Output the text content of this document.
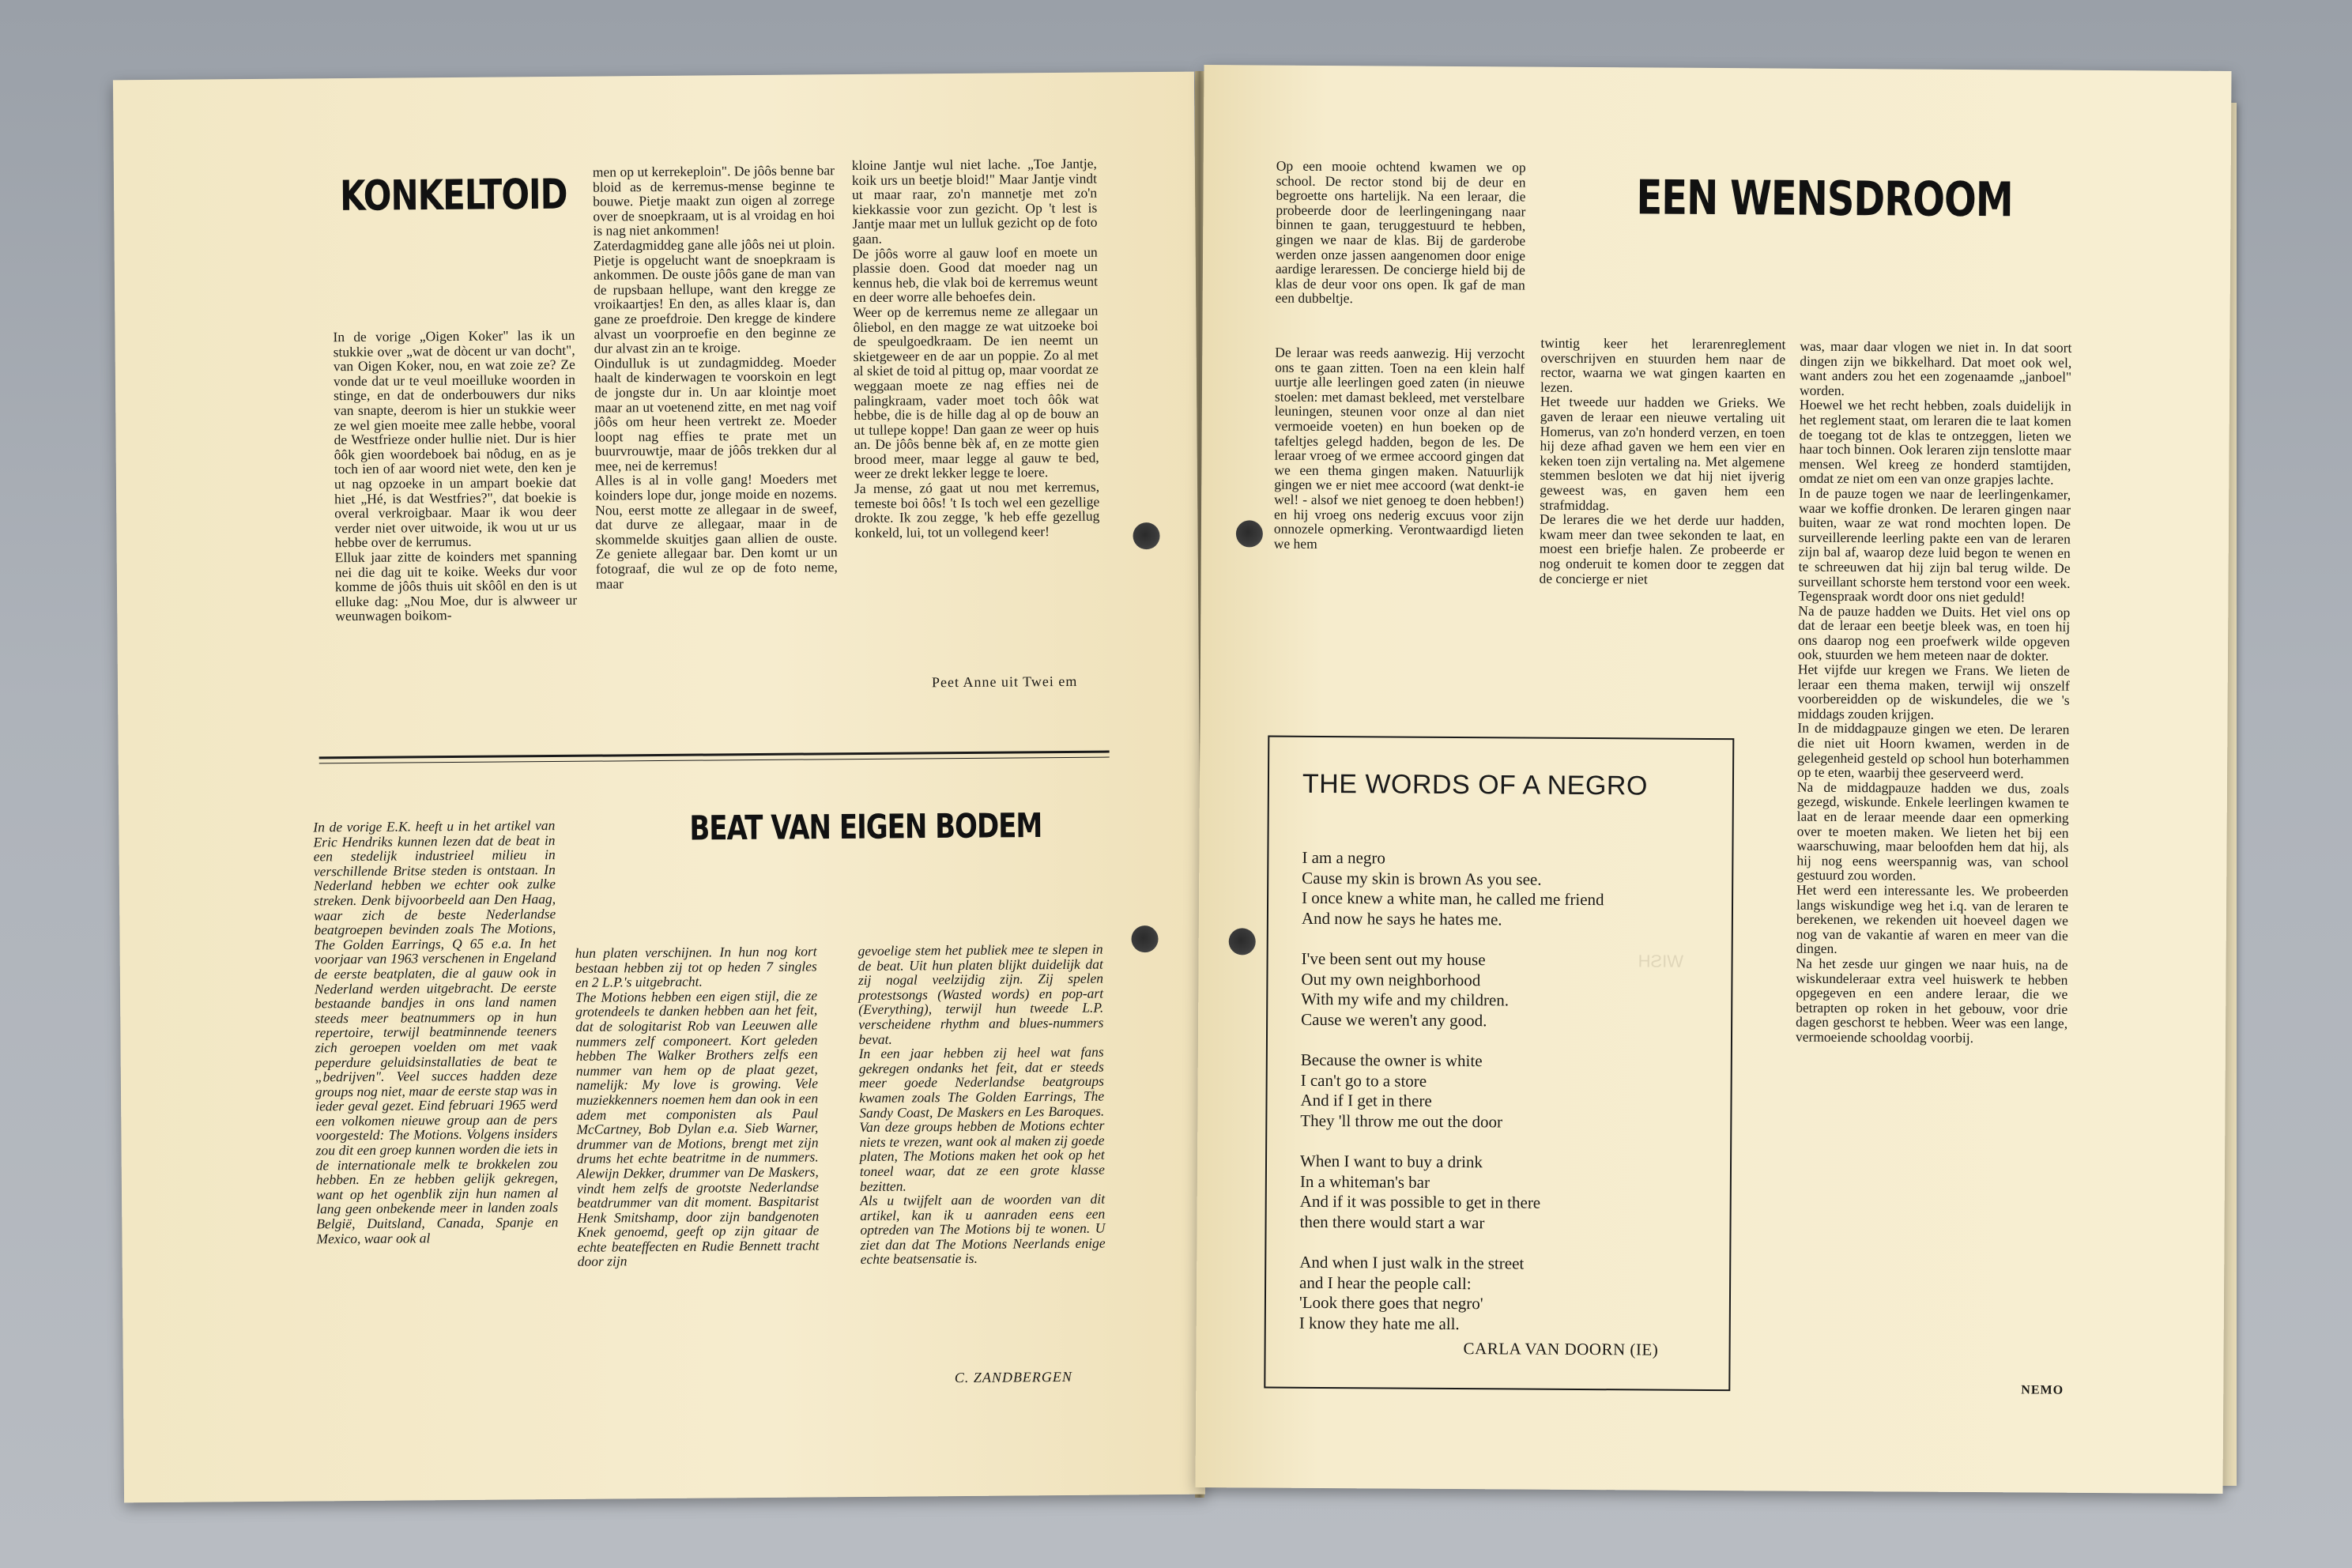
KONKELTOID
In de vorige „Oigen Koker" las ik un stukkie over „wat de dòcent ur van docht", van Oigen Koker, nou, en wat zoie ze? Ze vonde dat ur te veul moeilluke woorden in stinge, en dat de onderbouwers dur niks van snapte, deerom is hier un stukkie weer ze wel gien moeite mee zalle hebbe, vooral de Westfrieze onder hullie niet. Dur is hier ôôk gien woordeboek bai nôdug, en as je toch ien of aar woord niet wete, den ken je ut nag opzoeke in un ampart boekie dat hiet „Hé, is dat Westfries?", dat boekie is overal verkroigbaar. Maar ik wou deer verder niet over uitwoide, ik wou ut ur us hebbe over de kerrumus.
Elluk jaar zitte de koinders met spanning nei die dag uit te koike. Weeks dur voor komme de jôôs thuis uit skôôl en den is ut elluke dag: „Nou Moe, dur is alwweer ur weunwagen boikom-
men op ut kerrekeploin". De jôôs benne bar bloid as de kerremus-mense beginne te bouwe. Pietje maakt zun oigen al zorrege over de snoepkraam, ut is al vroidag en hoi is nag niet ankommen!
Zaterdagmiddeg gane alle jôôs nei ut ploin. Pietje is opgelucht want de snoepkraam is ankommen. De ouste jôôs gane de man van de rupsbaan hellupe, want den kregge ze vroikaartjes! En den, as alles klaar is, dan gane ze proefdroie. Den kregge de kindere alvast un voorproefie en den beginne ze dur alvast zin an te kroige.
Oindulluk is ut zundagmiddeg. Moeder haalt de kinderwagen te voorskoin en legt de jongste dur in. Un aar klointje moet maar an ut voetenend zitte, en met nag voif jôôs om heur heen vertrekt ze. Moeder loopt nag effies te prate met un buurvrouwtje, maar de jôôs trekken dur al mee, nei de kerremus!
Alles is al in volle gang! Moeders met koinders lope dur, jonge moide en nozems. Nou, eerst motte ze allegaar in de sweef, dat durve ze allegaar, maar in de skommelde skuitjes gaan allien de ouste. Ze geniete allegaar bar. Den komt ur un fotograaf, die wul ze op de foto neme, maar
kloine Jantje wul niet lache. „Toe Jantje, koik urs un beetje bloid!" Maar Jantje vindt ut maar raar, zo'n mannetje met zo'n kiekkassie voor zun gezicht. Op 't lest is Jantje maar met un lulluk gezicht op de foto gaan.
De jôôs worre al gauw loof en moete un plassie doen. Good dat moeder nag un kennus heb, die vlak boi de kerremus weunt en deer worre alle behoefes dein.
Weer op de kerremus neme ze allegaar un ôliebol, en den magge ze wat uitzoeke boi de speulgoedkraam. De ien neemt un skietgeweer en de aar un poppie. Zo al met al skiet de toid al pittug op, maar voordat ze weggaan moete ze nag effies nei de palingkraam, vader moet toch ôôk wat hebbe, die is de hille dag al op de bouw an ut tullepe koppe! Dan gaan ze weer op huis an. De jôôs benne bèk af, en ze motte gien brood meer, maar legge al gauw te bed, weer ze drekt lekker legge te loere.
Ja mense, zó gaat ut nou met kerremus, temeste boi ôôs! 't Is toch wel een gezellige drokte. Ik zou zegge, 'k heb effe gezellug konkeld, lui, tot un vollegend keer!
Peet Anne uit Twei em
BEAT VAN EIGEN BODEM
In de vorige E.K. heeft u in het artikel van Eric Hendriks kunnen lezen dat de beat in een stedelijk industrieel milieu in verschillende Britse steden is ontstaan. In Nederland hebben we echter ook zulke streken. Denk bijvoorbeeld aan Den Haag, waar zich de beste Nederlandse beatgroepen bevinden zoals The Motions, The Golden Earrings, Q 65 e.a. In het voorjaar van 1963 verschenen in Engeland de eerste beatplaten, die al gauw ook in Nederland werden uitgebracht. De eerste bestaande bandjes in ons land namen steeds meer beatnummers op in hun repertoire, terwijl beatminnende teeners zich geroepen voelden om met vaak peperdure geluidsinstallaties de beat te „bedrijven". Veel succes hadden deze groups nog niet, maar de eerste stap was in ieder geval gezet. Eind februari 1965 werd een volkomen nieuwe group aan de pers voorgesteld: The Motions. Volgens insiders zou dit een groep kunnen worden die iets in de internationale melk te brokkelen zou hebben. En ze hebben gelijk gekregen, want op het ogenblik zijn hun namen al lang geen onbekende meer in landen zoals België, Duitsland, Canada, Spanje en Mexico, waar ook al
hun platen verschijnen. In hun nog kort bestaan hebben zij tot op heden 7 singles en 2 L.P.'s uitgebracht.
The Motions hebben een eigen stijl, die ze grotendeels te danken hebben aan het feit, dat de sologitarist Rob van Leeuwen alle nummers zelf componeert. Kort geleden hebben The Walker Brothers zelfs een nummer van hem op de plaat gezet, namelijk: My love is growing. Vele muziekkenners noemen hem dan ook in een adem met componisten als Paul McCartney, Bob Dylan e.a. Sieb Warner, drummer van de Motions, brengt met zijn drums het echte beatritme in de nummers. Alewijn Dekker, drummer van De Maskers, vindt hem zelfs de grootste Nederlandse beatdrummer van dit moment. Baspitarist Henk Smitshamp, door zijn bandgenoten Knek genoemd, geeft op zijn gitaar de echte beateffecten en Rudie Bennett tracht door zijn
gevoelige stem het publiek mee te slepen in de beat. Uit hun platen blijkt duidelijk dat zij nogal veelzijdig zijn. Zij spelen protestsongs (Wasted words) en pop-art (Everything), terwijl hun tweede L.P. verscheidene rhythm and blues-nummers bevat.
In een jaar hebben zij heel wat fans gekregen ondanks het feit, dat er steeds meer goede Nederlandse beatgroups kwamen zoals The Golden Earrings, The Sandy Coast, De Maskers en Les Baroques. Van deze groups hebben de Motions echter niets te vrezen, want ook al maken zij goede platen, The Motions maken het ook op het toneel waar, dat ze een grote klasse bezitten.
Als u twijfelt aan de woorden van dit artikel, kan ik u aanraden eens een optreden van The Motions bij te wonen. U ziet dan dat The Motions Neerlands enige echte beatsensatie is.
C. ZANDBERGEN
EEN WENSDROOM
Op een mooie ochtend kwamen we op school. De rector stond bij de deur en begroette ons hartelijk. Na een leraar, die probeerde door de leerlingeningang naar binnen te gaan, teruggestuurd te hebben, gingen we naar de klas. Bij de garderobe werden onze jassen aangenomen door enige aardige leraressen. De concierge hield bij de klas de deur voor ons open. Ik gaf de man een dubbeltje.
De leraar was reeds aanwezig. Hij verzocht ons te gaan zitten. Toen na een klein half uurtje alle leerlingen goed zaten (in nieuwe stoelen: met damast bekleed, met verstelbare leuningen, steunen voor onze al dan niet vermoeide voeten) en hun boeken op de tafeltjes gelegd hadden, begon de les. De leraar vroeg of we ermee accoord gingen dat we een thema gingen maken. Natuurlijk gingen we er niet mee accoord (wat denkt-ie wel! - alsof we niet genoeg te doen hebben!) en hij vroeg ons nederig excuus voor zijn onnozele opmerking. Verontwaardigd lieten we hem
twintig keer het lerarenreglement overschrijven en stuurden hem naar de rector, waarna we wat gingen kaarten en lezen.
Het tweede uur hadden we Grieks. We gaven de leraar een nieuwe vertaling uit Homerus, van zo'n honderd verzen, en toen hij deze afhad gaven we hem een vier en keken toen zijn vertaling na. Met algemene stemmen besloten we dat hij niet ijverig geweest was, en gaven hem een strafmiddag.
De lerares die we het derde uur hadden, kwam meer dan twee sekonden te laat, en moest een briefje halen. Ze probeerde er nog onderuit te komen door te zeggen dat de concierge er niet
was, maar daar vlogen we niet in. In dat soort dingen zijn we bikkelhard. Dat moet ook wel, want anders zou het een zogenaamde „janboel" worden.
Hoewel we het recht hebben, zoals duidelijk in het reglement staat, om leraren die te laat komen de toegang tot de klas te ontzeggen, lieten we haar toch binnen. Ook leraren zijn tenslotte maar mensen. Wel kreeg ze honderd stamtijden, omdat ze niet om een van onze grapjes lachte.
In de pauze togen we naar de leerlingenkamer, waar we koffie dronken. De leraren gingen naar buiten, waar ze wat rond mochten lopen. De surveillerende leerling pakte een van de leraren zijn bal af, waarop deze luid begon te wenen en te schreeuwen dat hij zijn bal terug wilde. De surveillant schorste hem terstond voor een week. Tegenspraak wordt door ons niet geduld!
Na de pauze hadden we Duits. Het viel ons op dat de leraar een beetje bleek was, en toen hij ons daarop nog een proefwerk wilde opgeven ook, stuurden we hem meteen naar de dokter.
Het vijfde uur kregen we Frans. We lieten de leraar een thema maken, terwijl wij onszelf voorbereidden op de wiskundeles, die we 's middags zouden krijgen.
In de middagpauze gingen we eten. De leraren die niet uit Hoorn kwamen, werden in de gelegenheid gesteld op school hun boterhammen op te eten, waarbij thee geserveerd werd.
Na de middagpauze hadden we dus, zoals gezegd, wiskunde. Enkele leerlingen kwamen te laat en de leraar meende daar een opmerking over te moeten maken. We lieten het bij een waarschuwing, maar beloofden hem dat hij, als hij nog eens weerspannig was, van school gestuurd zou worden.
Het werd een interessante les. We probeerden langs wiskundige weg het i.q. van de leraren te berekenen, we rekenden uit hoeveel dagen we nog van de vakantie af waren en meer van die dingen.
Na het zesde uur gingen we naar huis, na de wiskundeleraar extra veel huiswerk te hebben opgegeven en een andere leraar, die we betrapten op roken in het gebouw, voor drie dagen geschorst te hebben. Weer was een lange, vermoeiende schooldag voorbij.
NEMO
THE WORDS OF A NEGRO
WISH
I am a negro
Cause my skin is brown As you see.
I once knew a white man, he called me friend
And now he says he hates me.
I've been sent out my house
Out my own neighborhood
With my wife and my children.
Cause we weren't any good.
Because the owner is white
I can't go to a store
And if I get in there
They 'll throw me out the door
When I want to buy a drink
In a whiteman's bar
And if it was possible to get in there
then there would start a war
And when I just walk in the street
and I hear the people call:
'Look there goes that negro'
I know they hate me all.
CARLA VAN DOORN (IE)
